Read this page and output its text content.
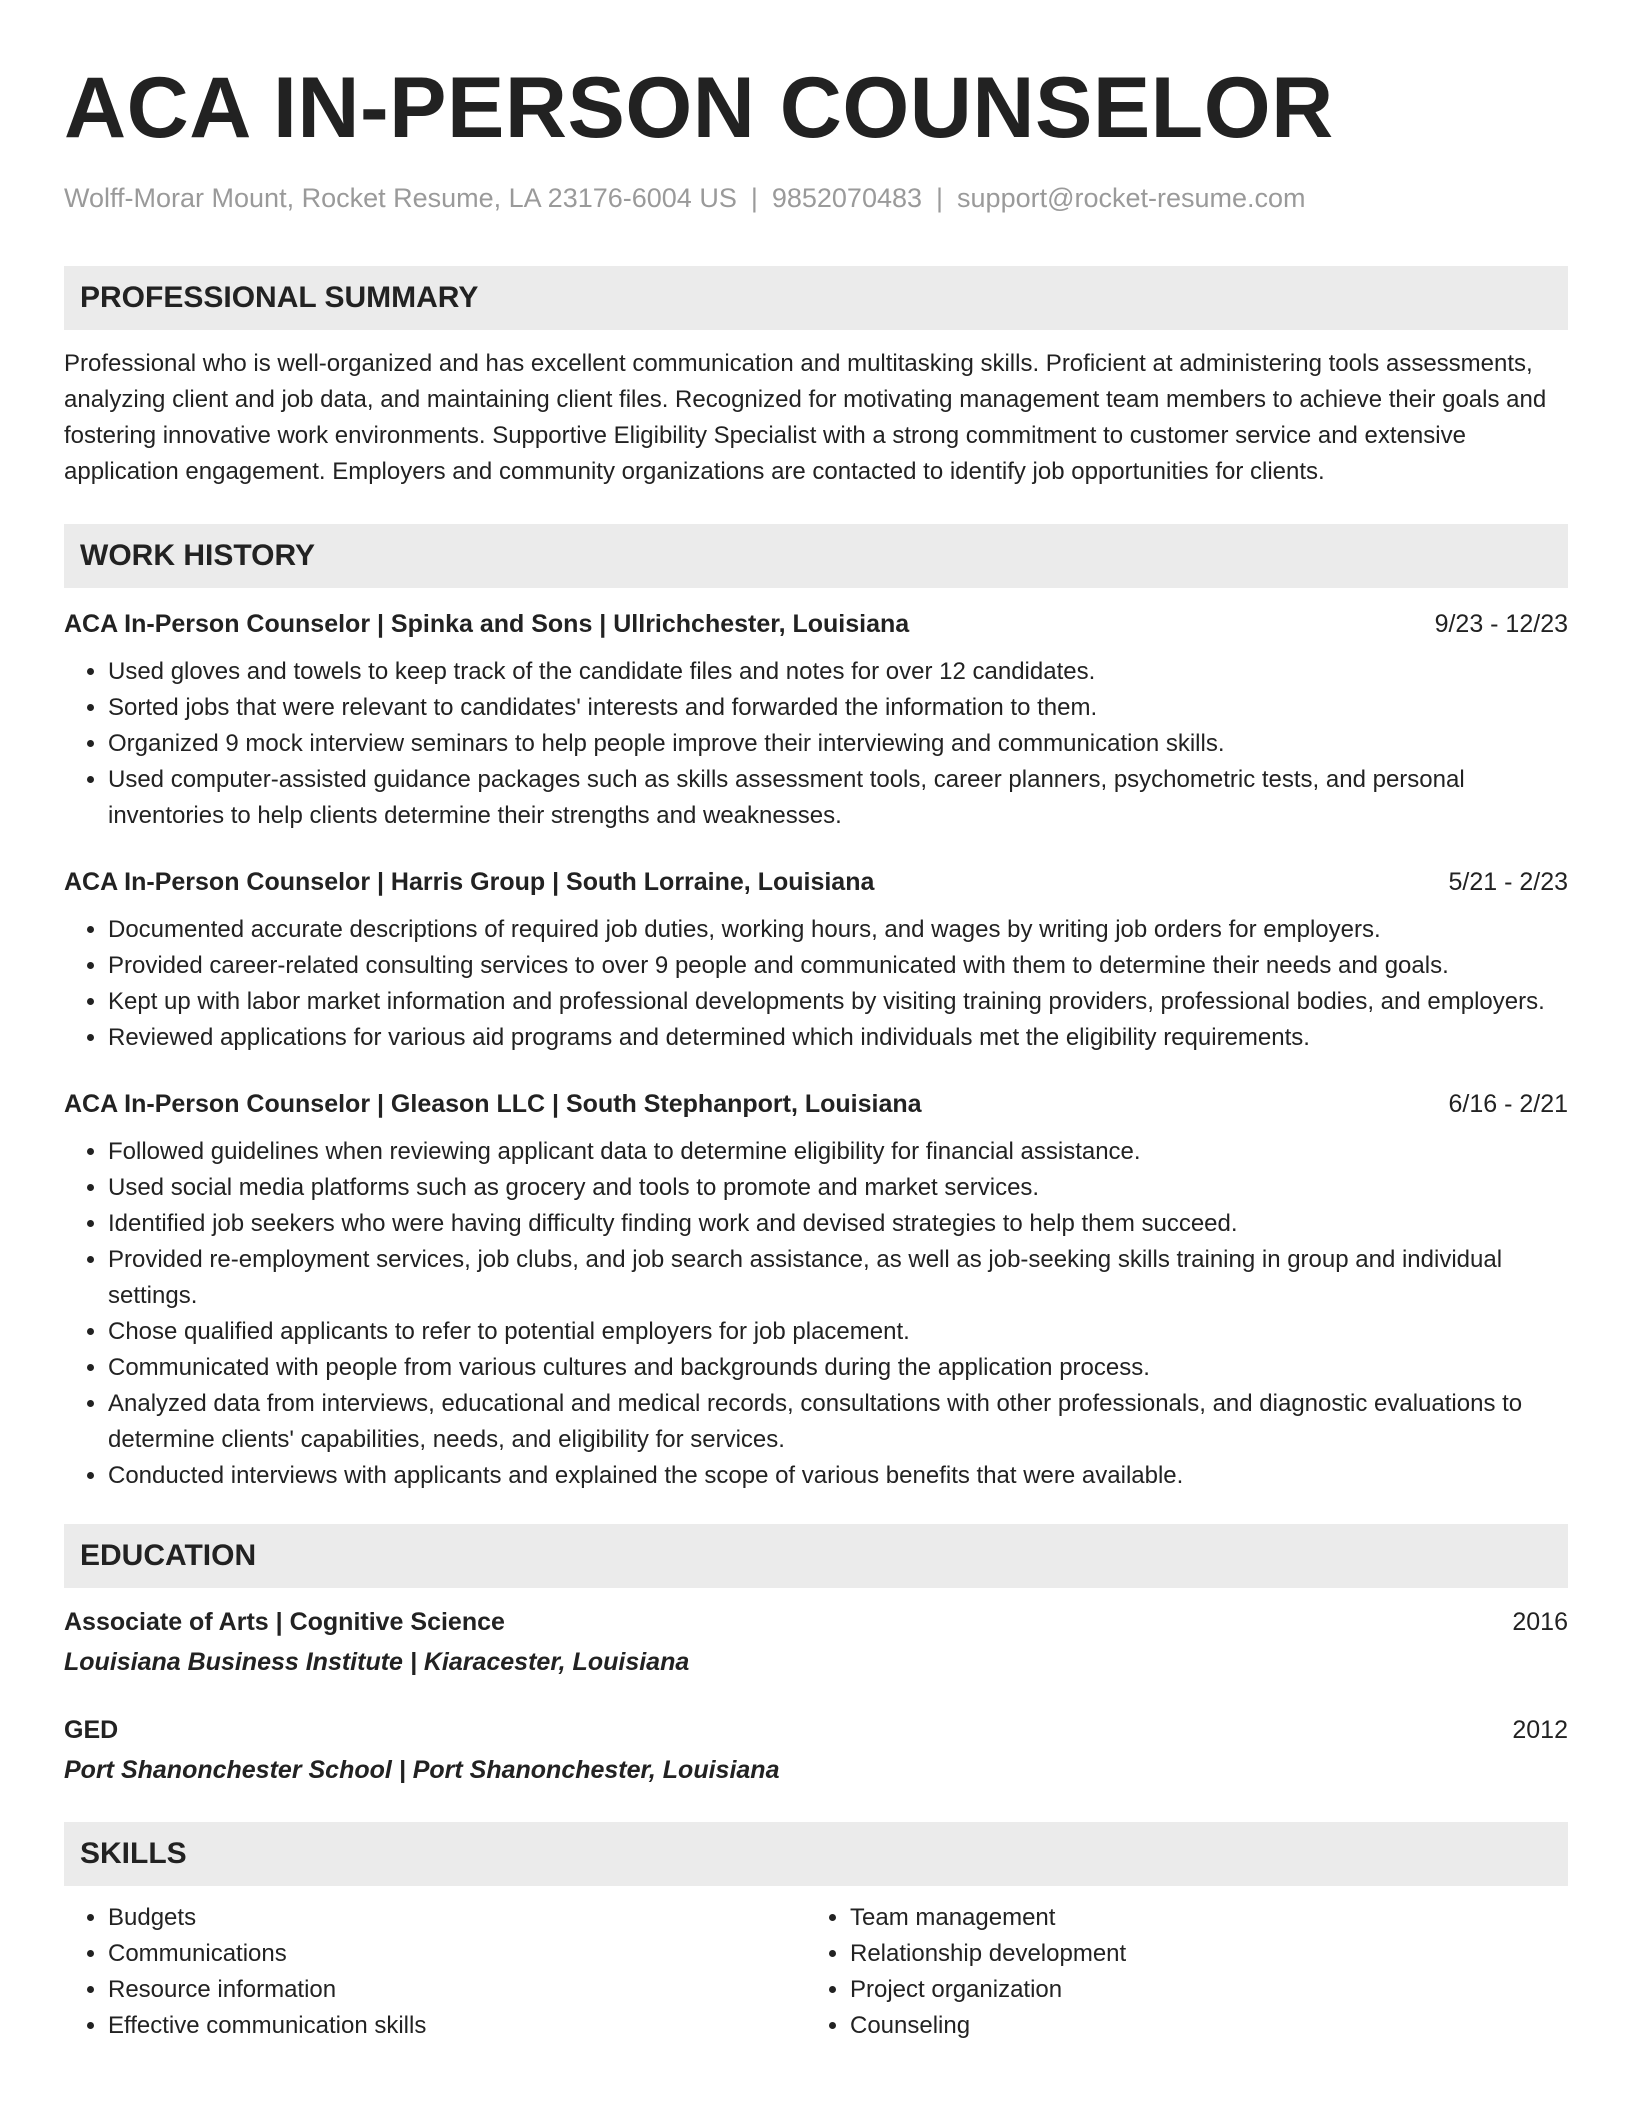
ACA IN-PERSON COUNSELOR
Wolff-Morar Mount, Rocket Resume, LA 23176-6004 US | 9852070483 | support@rocket-resume.com
PROFESSIONAL SUMMARY
Professional who is well-organized and has excellent communication and multitasking skills. Proficient at administering tools assessments, analyzing client and job data, and maintaining client files. Recognized for motivating management team members to achieve their goals and fostering innovative work environments. Supportive Eligibility Specialist with a strong commitment to customer service and extensive application engagement. Employers and community organizations are contacted to identify job opportunities for clients.
WORK HISTORY
ACA In-Person Counselor | Spinka and Sons | Ullrichchester, Louisiana	9/23 - 12/23
• Used gloves and towels to keep track of the candidate files and notes for over 12 candidates.
• Sorted jobs that were relevant to candidates' interests and forwarded the information to them.
• Organized 9 mock interview seminars to help people improve their interviewing and communication skills.
• Used computer-assisted guidance packages such as skills assessment tools, career planners, psychometric tests, and personal inventories to help clients determine their strengths and weaknesses.
ACA In-Person Counselor | Harris Group | South Lorraine, Louisiana	5/21 - 2/23
• Documented accurate descriptions of required job duties, working hours, and wages by writing job orders for employers.
• Provided career-related consulting services to over 9 people and communicated with them to determine their needs and goals.
• Kept up with labor market information and professional developments by visiting training providers, professional bodies, and employers.
• Reviewed applications for various aid programs and determined which individuals met the eligibility requirements.
ACA In-Person Counselor | Gleason LLC | South Stephanport, Louisiana	6/16 - 2/21
• Followed guidelines when reviewing applicant data to determine eligibility for financial assistance.
• Used social media platforms such as grocery and tools to promote and market services.
• Identified job seekers who were having difficulty finding work and devised strategies to help them succeed.
• Provided re-employment services, job clubs, and job search assistance, as well as job-seeking skills training in group and individual settings.
• Chose qualified applicants to refer to potential employers for job placement.
• Communicated with people from various cultures and backgrounds during the application process.
• Analyzed data from interviews, educational and medical records, consultations with other professionals, and diagnostic evaluations to determine clients' capabilities, needs, and eligibility for services.
• Conducted interviews with applicants and explained the scope of various benefits that were available.
EDUCATION
Associate of Arts | Cognitive Science	2016
Louisiana Business Institute | Kiaracester, Louisiana
GED	2012
Port Shanonchester School | Port Shanonchester, Louisiana
SKILLS
• Budgets
• Communications
• Resource information
• Effective communication skills
• Team management
• Relationship development
• Project organization
• Counseling
